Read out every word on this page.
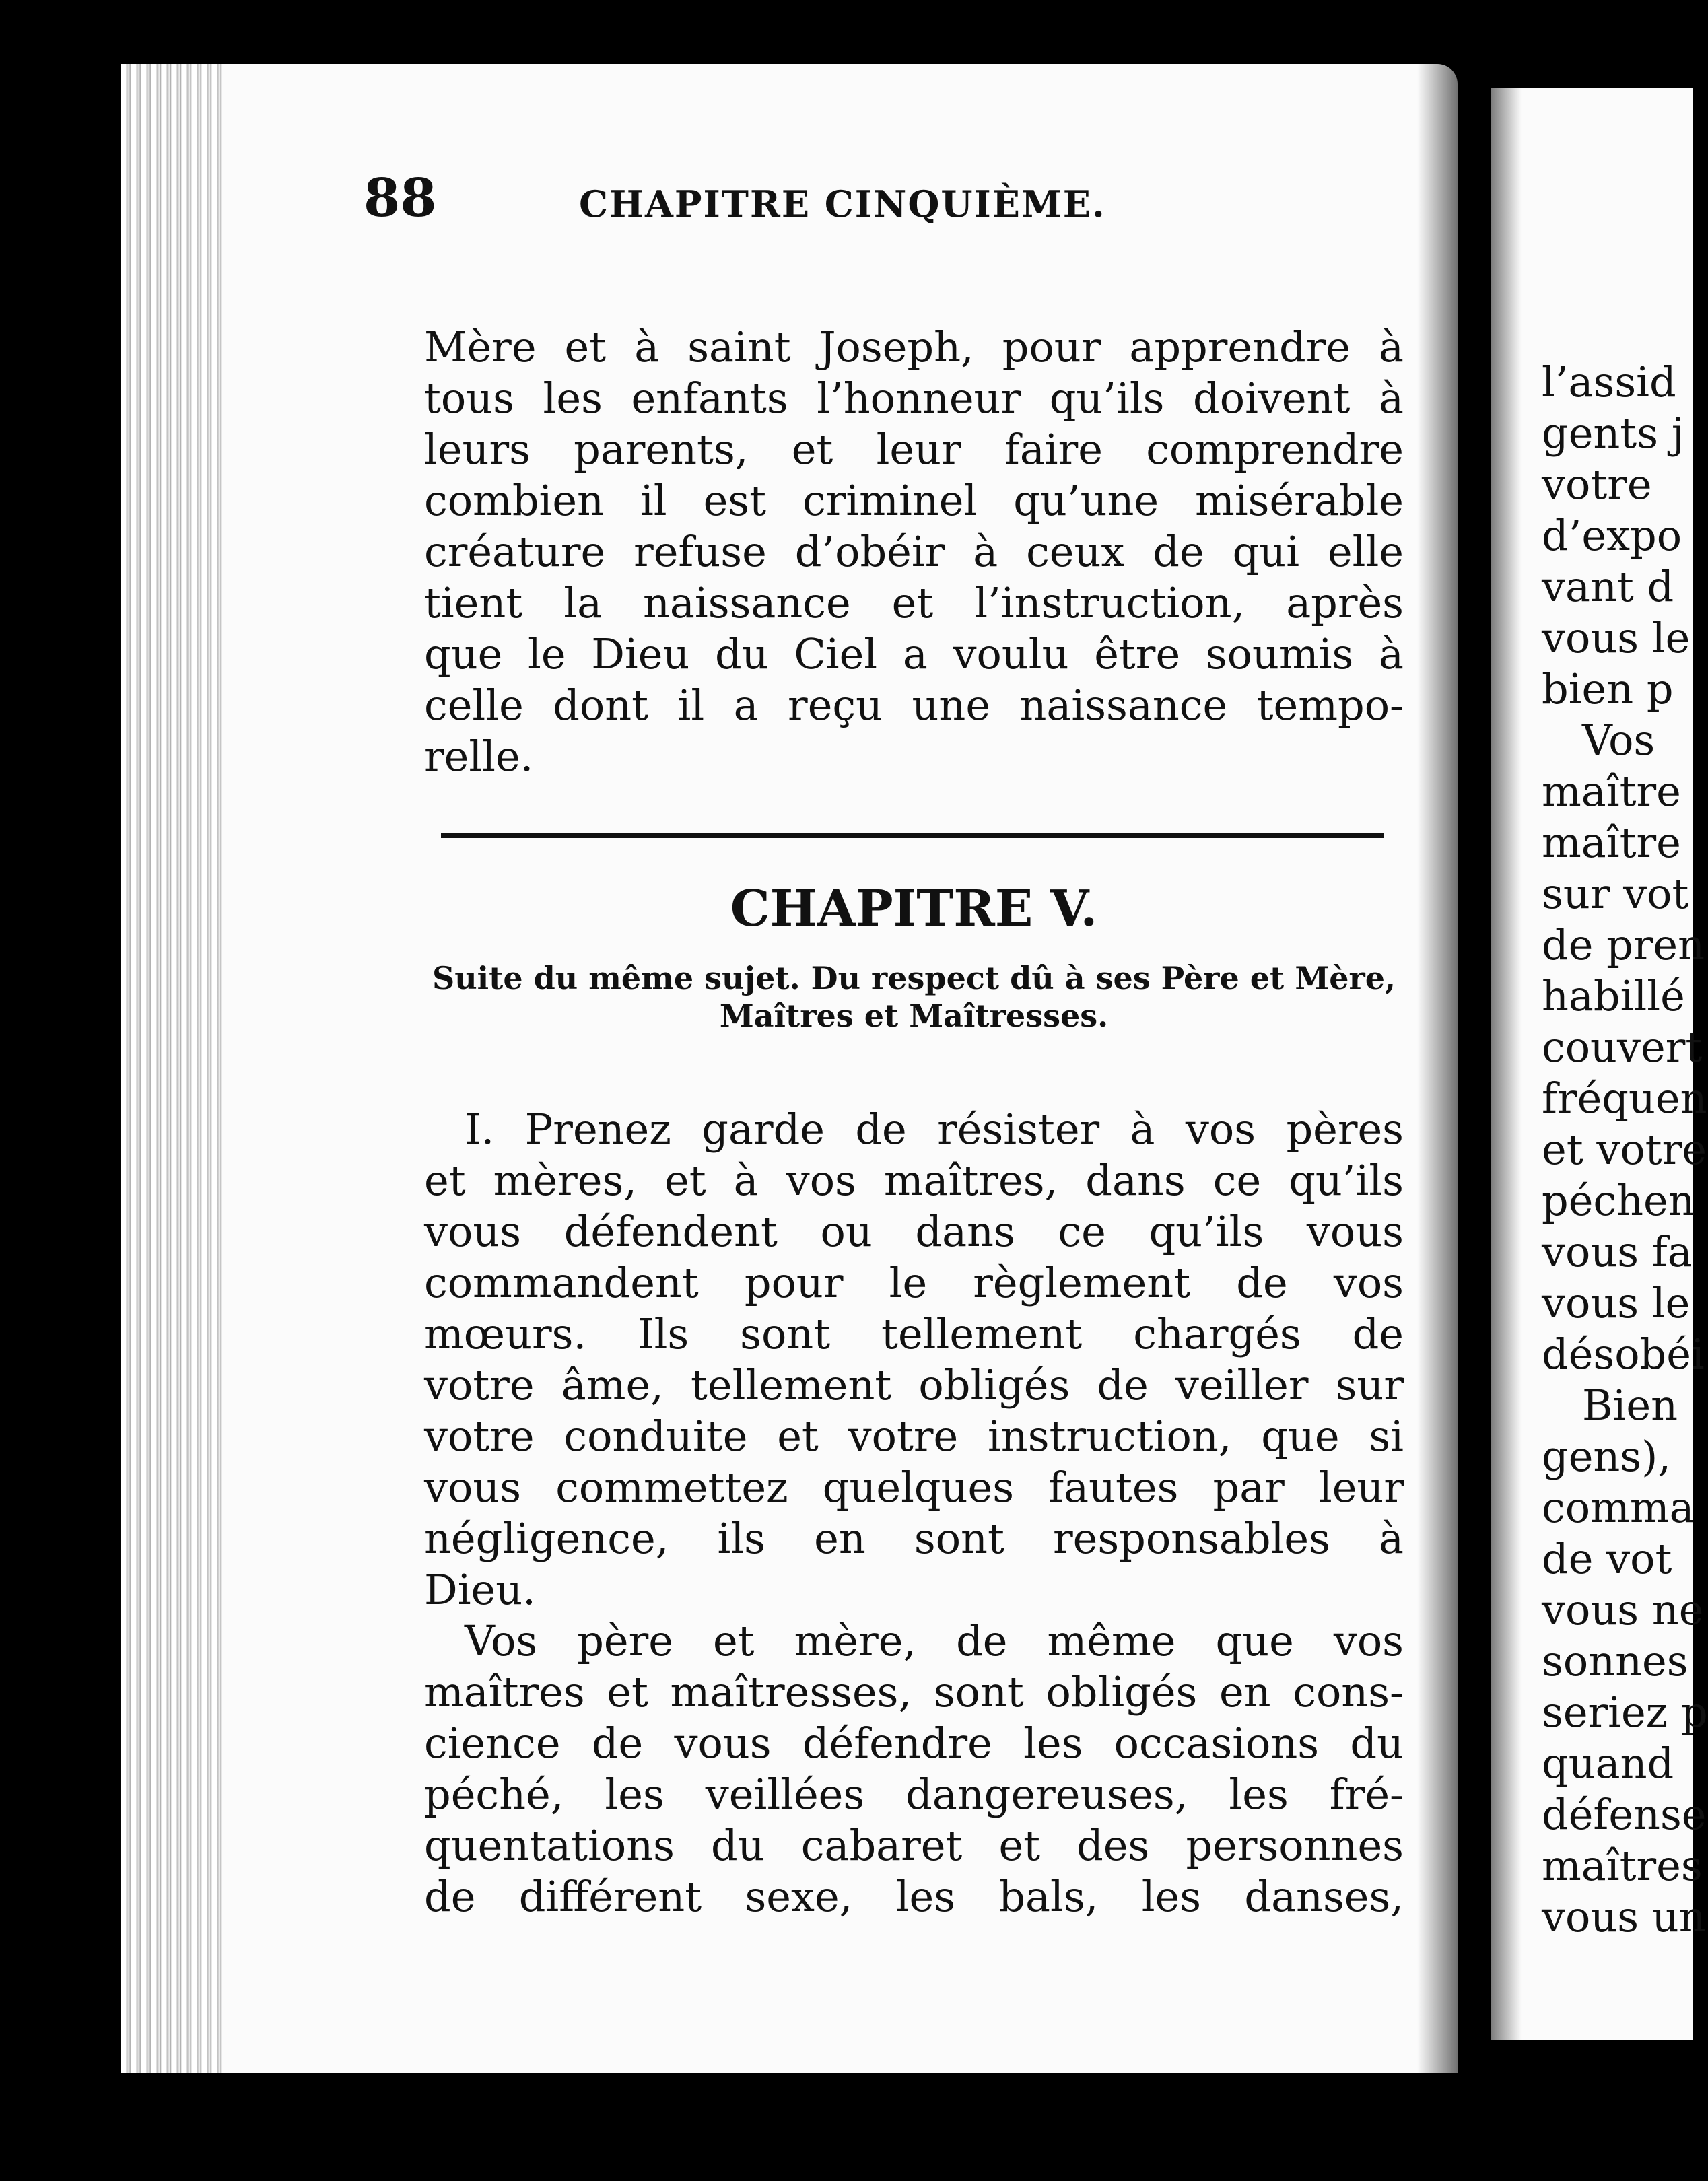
88	CHAPITRE CINQUIÈME.
Mère et à saint Joseph, pour apprendre à
tous les enfants l’honneur qu’ils doivent à
leurs parents, et leur faire comprendre
combien il est criminel qu’une misérable
créature refuse d’obéir à ceux de qui elle
tient la naissance et l’instruction, après
que le Dieu du Ciel a voulu être soumis à
celle dont il a reçu une naissance tempo-
relle.
CHAPITRE V.
Suite du même sujet. Du respect dû à ses Père et Mère,
Maîtres et Maîtresses.
I. Prenez garde de résister à vos pères
et mères, et à vos maîtres, dans ce qu’ils
vous défendent ou dans ce qu’ils vous
commandent pour le règlement de vos
mœurs. Ils sont tellement chargés de
votre âme, tellement obligés de veiller sur
votre conduite et votre instruction, que si
vous commettez quelques fautes par leur
négligence, ils en sont responsables à
Dieu.
Vos père et mère, de même que vos
maîtres et maîtresses, sont obligés en cons-
cience de vous défendre les occasions du
péché, les veillées dangereuses, les fré-
quentations du cabaret et des personnes
de différent sexe, les bals, les danses,
l’assid
gents j
votre
d’expo
vant d
vous le
bien p
Vos
maître
maître
sur vot
de pren
habillé
couvert
fréquen
et votre
péchen
vous fa
vous le
désobéi
Bien
gens),
comma
de vot
vous ne
sonnes
seriez p
quand
défense
maîtres
vous un
